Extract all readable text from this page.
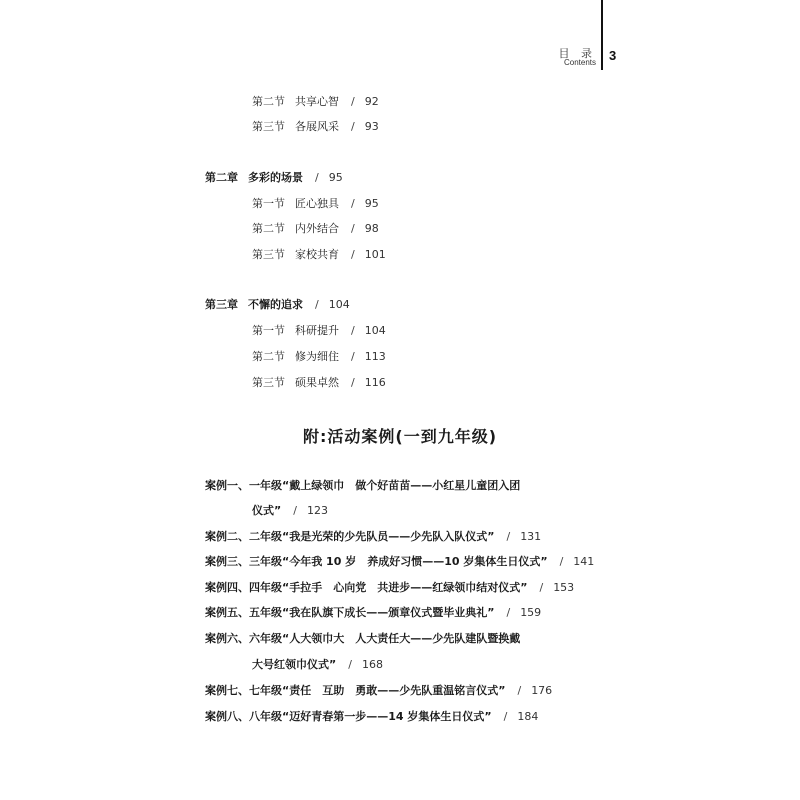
目 录
Contents 3
第二节 共享心智 / 92
第三节 各展风采 / 93
第二章 多彩的场景 / 95
第一节 匠心独具 / 95
第二节 内外结合 / 98
第三节 家校共育 / 101
第三章 不懈的追求 / 104
第一节 科研提升 / 104
第二节 修为细住 / 113
第三节 硕果卓然 / 116
附:活动案例(一到九年级)
案例一、一年级“戴上绿领巾　做个好苗苗——小红星儿童团入团
仪式” / 123
案例二、二年级“我是光荣的少先队员——少先队入队仪式” / 131
案例三、三年级“今年我 10 岁　养成好习惯——10 岁集体生日仪式” / 141
案例四、四年级“手拉手　心向党　共进步——红绿领巾结对仪式” / 153
案例五、五年级“我在队旗下成长——颁章仪式暨毕业典礼” / 159
案例六、六年级“人大领巾大　人大责任大——少先队建队暨换戴
大号红领巾仪式” / 168
案例七、七年级“责任　互助　勇敢——少先队重温铭言仪式” / 176
案例八、八年级“迈好青春第一步——14 岁集体生日仪式” / 184
